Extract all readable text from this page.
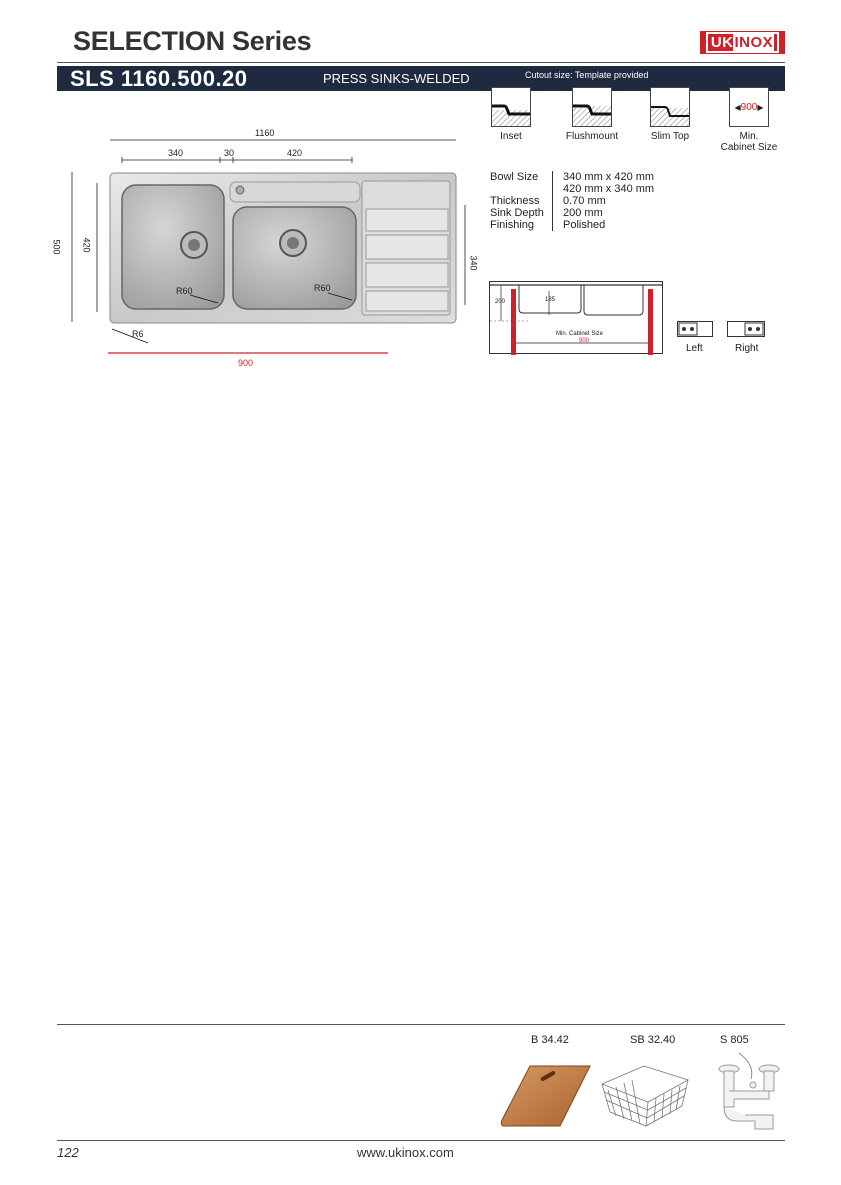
SELECTION Series	UKINOX
SLS 1160.500.20	PRESS SINKS-WELDED	Cutout size: Template provided
Inset	Flushmount	Slim Top
◀ 900 ▶
Min.
Cabinet Size
1160
340	30	420
500 420
340
R60	R60
R6
900
Bowl Size	340 mm x 420 mm
420 mm x 340 mm
Thickness	0.70 mm
Sink Depth	200 mm
Finishing	Polished
200	185
Min. Cabinet Size
900
Left	Right
B 34.42	SB 32.40	S 805
122	www.ukinox.com
